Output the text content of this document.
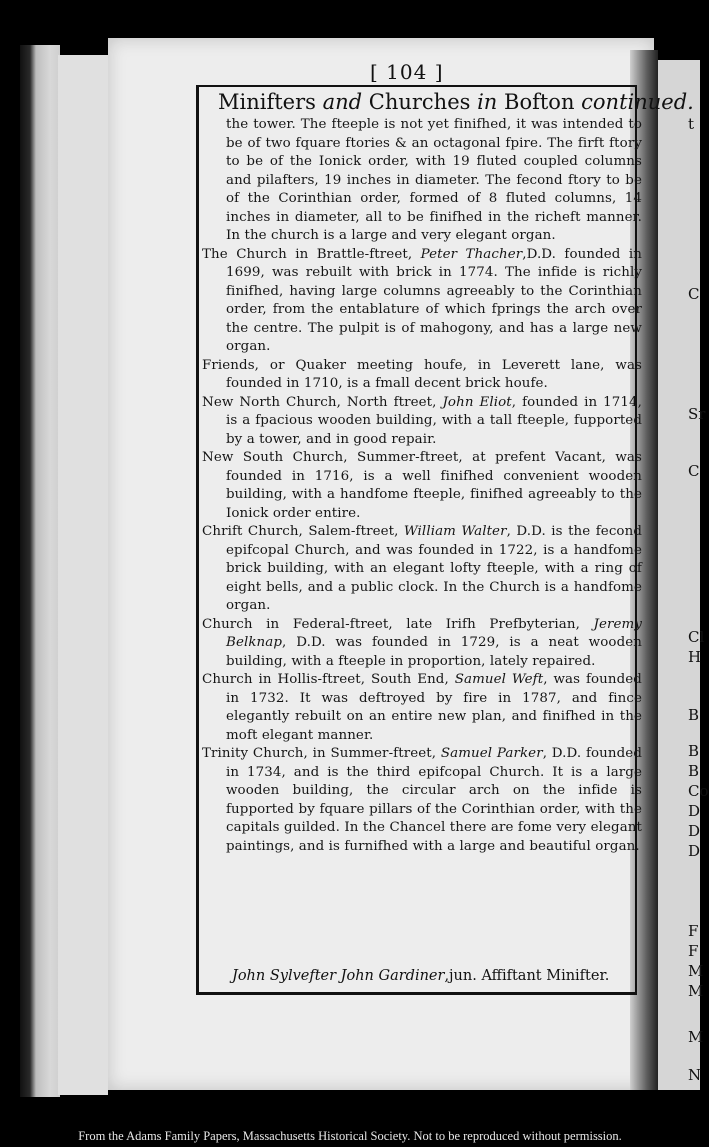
t
C
Sr
C
Cl
H
B
B
B
Co
D
D
D
F
F
M
M
M
N
[ 104 ]
Minifters and Churches in Bofton continued.

the tower. The fteeple is not yet finifhed, it was intended to be of two fquare ftories & an octagonal fpire. The firft ftory to be of the Ionick order, with 19 fluted coupled columns and pilafters, 19 inches in diameter. The fecond ftory to be of the Corinthian order, formed of 8 fluted columns, 14 inches in diameter, all to be finifhed in the richeft manner. In the church is a large and very elegant organ.

The Church in Brattle-ftreet, Peter Thacher,D.D. founded in 1699, was rebuilt with brick in 1774. The infide is richly finifhed, having large columns agreeably to the Corinthian order, from the entablature of which fprings the arch over the centre. The pulpit is of mahogony, and has a large new organ.

Friends, or Quaker meeting houfe, in Leverett lane, was founded in 1710, is a fmall decent brick houfe.

New North Church, North ftreet, John Eliot, founded in 1714, is a fpacious wooden building, with a tall fteeple, fupported by a tower, and in good repair.

New South Church, Summer-ftreet, at prefent Vacant, was founded in 1716, is a well finifhed convenient wooden building, with a handfome fteeple, finifhed agreeably to the Ionick order entire.

Chrift Church, Salem-ftreet, William Walter, D.D. is the fecond epifcopal Church, and was founded in 1722, is a handfome brick building, with an elegant lofty fteeple, with a ring of eight bells, and a public clock. In the Church is a handfome organ.

Church in Federal-ftreet, late Irifh Prefbyterian, Jeremy Belknap, D.D. was founded in 1729, is a neat wooden building, with a fteeple in proportion, lately repaired.

Church in Hollis-ftreet, South End, Samuel Weft, was founded in 1732. It was deftroyed by fire in 1787, and fince elegantly rebuilt on an entire new plan, and finifhed in the moft elegant manner.

Trinity Church, in Summer-ftreet, Samuel Parker, D.D. founded in 1734, and is the third epifcopal Church. It is a large wooden building, the circular arch on the infide is fupported by fquare pillars of the Corinthian order, with the capitals guilded. In the Chancel there are fome very elegant paintings, and is furnifhed with a large and beautiful organ.

John Sylvefter John Gardiner,jun. Affiftant Minifter.
From the Adams Family Papers, Massachusetts Historical Society. Not to be reproduced without permission.
